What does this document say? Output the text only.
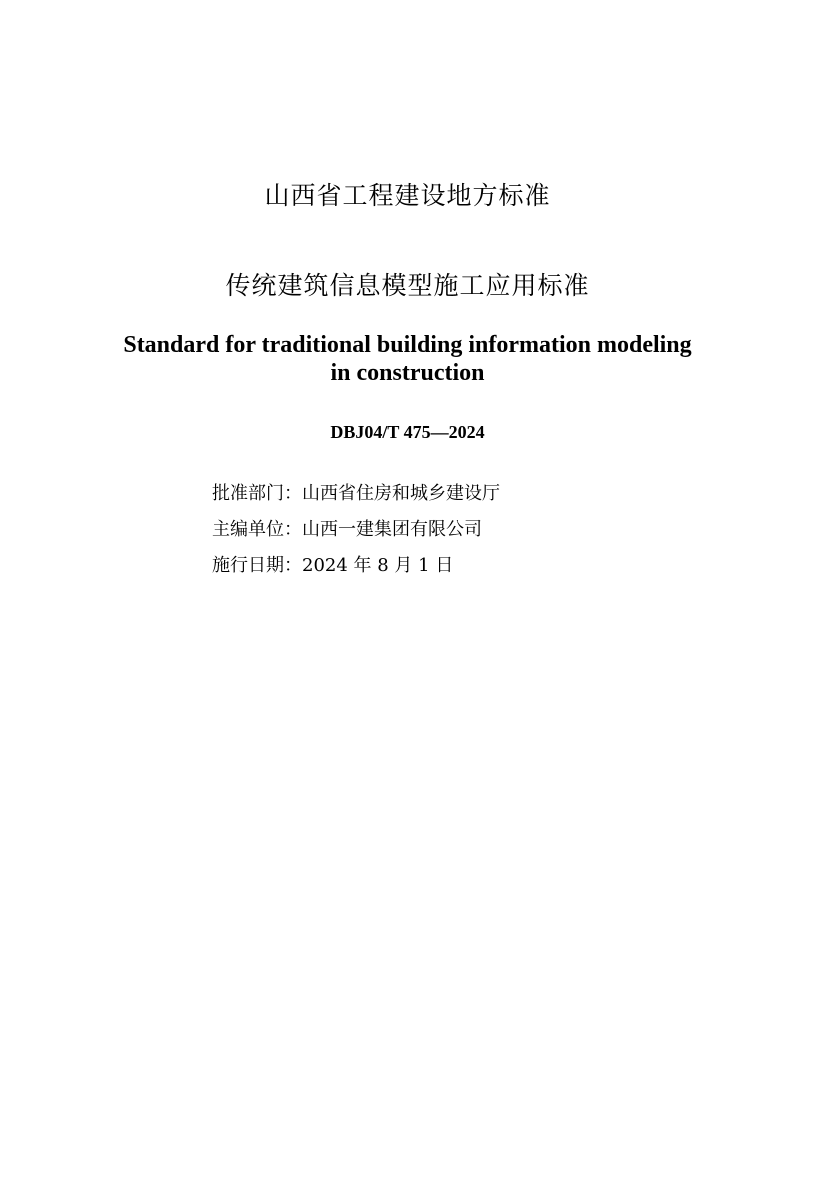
山西省工程建设地方标准
传统建筑信息模型施工应用标准
Standard for traditional building information modeling
in construction
DBJ04/T 475—2024
批准部门：山西省住房和城乡建设厅
主编单位：山西一建集团有限公司
施行日期：2024 年 8 月 1 日
